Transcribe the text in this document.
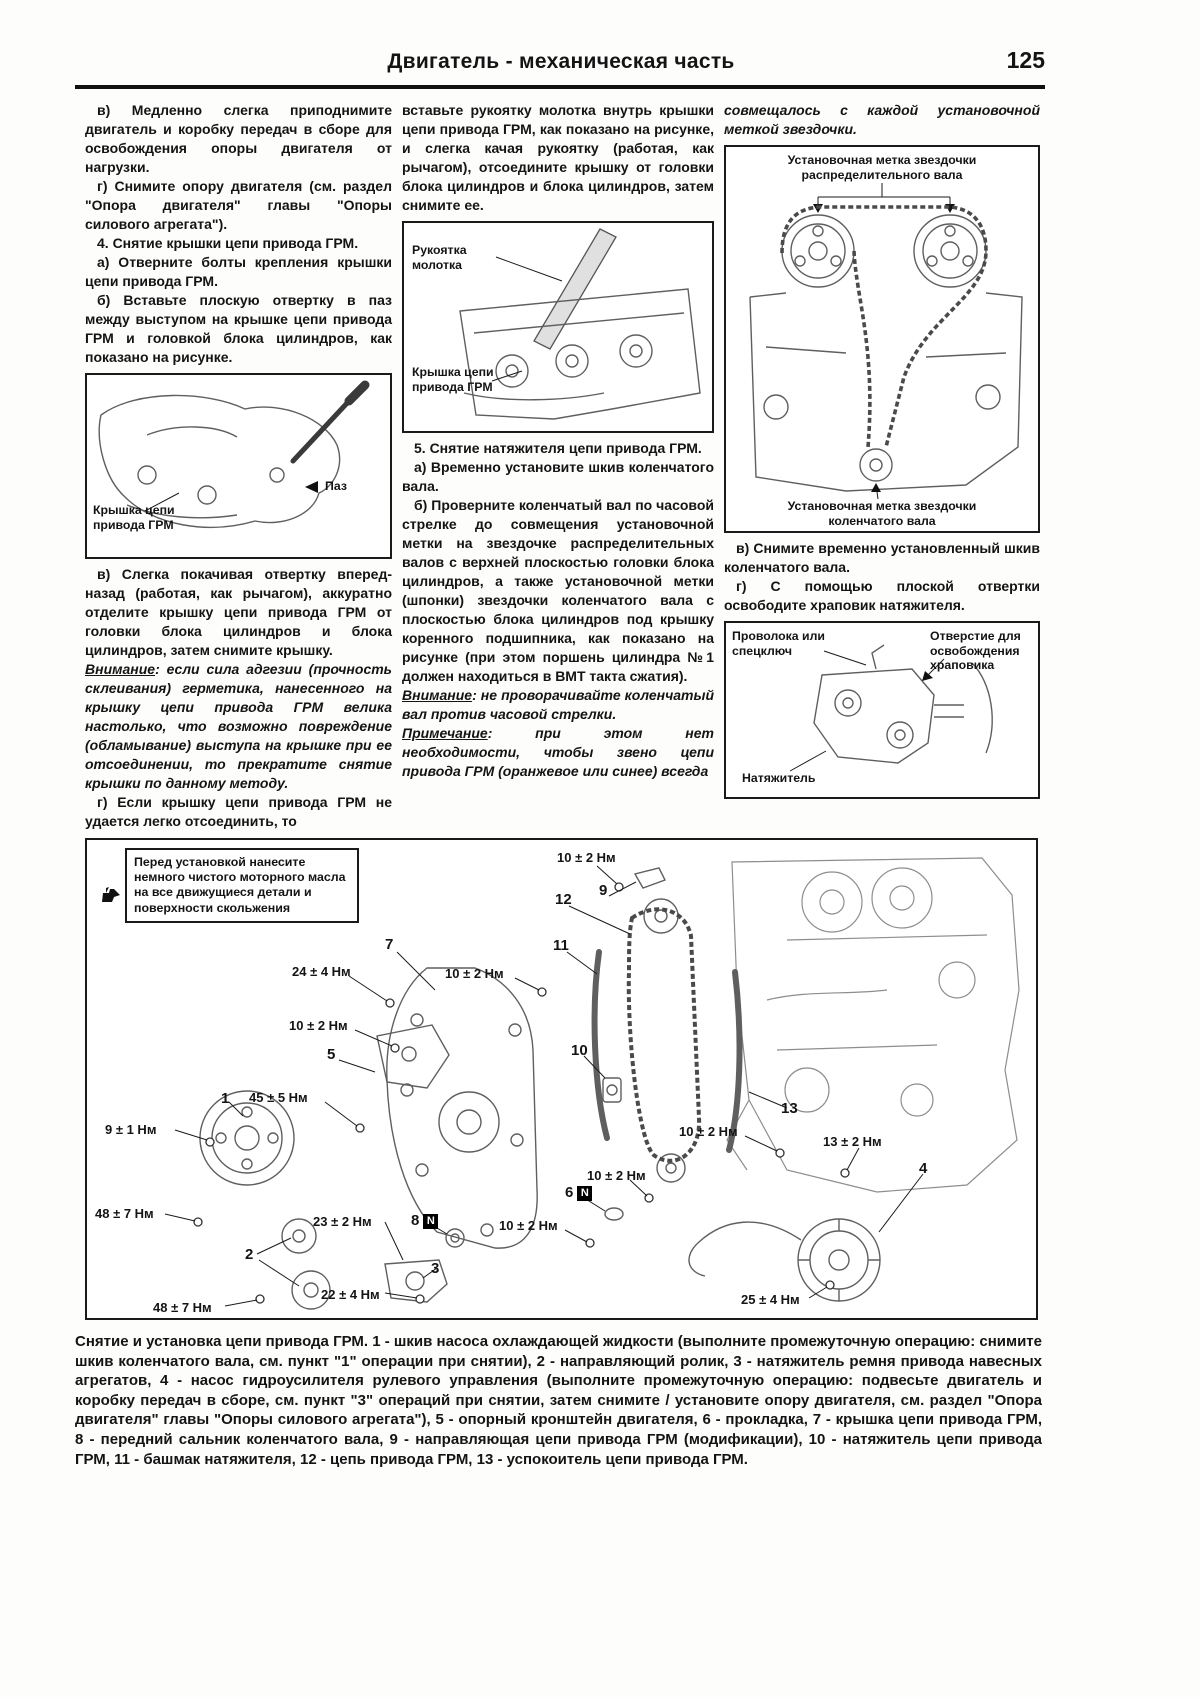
Двигатель - механическая часть	125

в) Медленно слегка приподнимите двигатель и коробку передач в сборе для освобождения опоры двигателя от нагрузки.

г) Снимите опору двигателя (см. раздел "Опора двигателя" главы "Опоры силового агрегата").

4. Снятие крышки цепи привода ГРМ.

а) Отверните болты крепления крышки цепи привода ГРМ.

б) Вставьте плоскую отвертку в паз между выступом на крышке цепи привода ГРМ и головкой блока цилиндров, как показано на рисунке.

Крышка цепи привода ГРМ
Паз

в) Слегка покачивая отвертку вперед-назад (работая, как рычагом), аккуратно отделите крышку цепи привода ГРМ от головки блока цилиндров и блока цилиндров, затем снимите крышку.

Внимание: если сила адгезии (прочность склеивания) герметика, нанесенного на крышку цепи привода ГРМ велика настолько, что возможно повреждение (обламывание) выступа на крышке при ее отсоединении, то прекратите снятие крышки по данному методу.

г) Если крышку цепи привода ГРМ не удается легко отсоединить, то

вставьте рукоятку молотка внутрь крышки цепи привода ГРМ, как показано на рисунке, и слегка качая рукоятку (работая, как рычагом), отсоедините крышку от головки блока цилиндров и блока цилиндров, затем снимите ее.

Рукоятка молотка
Крышка цепи привода ГРМ

5. Снятие натяжителя цепи привода ГРМ.

а) Временно установите шкив коленчатого вала.

б) Проверните коленчатый вал по часовой стрелке до совмещения установочной метки на звездочке распределительных валов с верхней плоскостью головки блока цилиндров, а также установочной метки (шпонки) звездочки коленчатого вала с плоскостью блока цилиндров под крышку коренного подшипника, как показано на рисунке (при этом поршень цилиндра №1 должен находиться в ВМТ такта сжатия).

Внимание: не проворачивайте коленчатый вал против часовой стрелки.

Примечание: при этом нет необходимости, чтобы звено цепи привода ГРМ (оранжевое или синее) всегда

совмещалось с каждой установочной меткой звездочки.

Установочная метка звездочки распределительного вала
Установочная метка звездочки коленчатого вала

в) Снимите временно установленный шкив коленчатого вала.

г) С помощью плоской отвертки освободите храповик натяжителя.

Проволока или спецключ
Отверстие для освобождения храповика
Натяжитель
Перед установкой нанесите немного чистого моторного масла на все движущиеся детали и поверхности скольжения
10 ± 2 Нм
24 ± 4 Нм	10 ± 2 Нм
10 ± 2 Нм
45 ± 5 Нм
9 ± 1 Нм	10 ± 2 Нм
13 ± 2 Нм
10 ± 2 Нм
48 ± 7 Нм
23 ± 2 Нм	10 ± 2 Нм
22 ± 4 Нм
48 ± 7 Нм
25 ± 4 Нм
1
2
3
4
5
6 N
7
8 N
9
10
11
12
13

Снятие и установка цепи привода ГРМ. 1 - шкив насоса охлаждающей жидкости (выполните промежуточную операцию: снимите шкив коленчатого вала, см. пункт "1" операции при снятии), 2 - направляющий ролик, 3 - натяжитель ремня привода навесных агрегатов, 4 - насос гидроусилителя рулевого управления (выполните промежуточную операцию: подвесьте двигатель и коробку передач в сборе, см. пункт "3" операций при снятии, затем снимите / установите опору двигателя, см. раздел "Опора двигателя" главы "Опоры силового агрегата"), 5 - опорный кронштейн двигателя, 6 - прокладка, 7 - крышка цепи привода ГРМ, 8 - передний сальник коленчатого вала, 9 - направляющая цепи привода ГРМ (модификации), 10 - натяжитель цепи привода ГРМ, 11 - башмак натяжителя, 12 - цепь привода ГРМ, 13 - успокоитель цепи привода ГРМ.
